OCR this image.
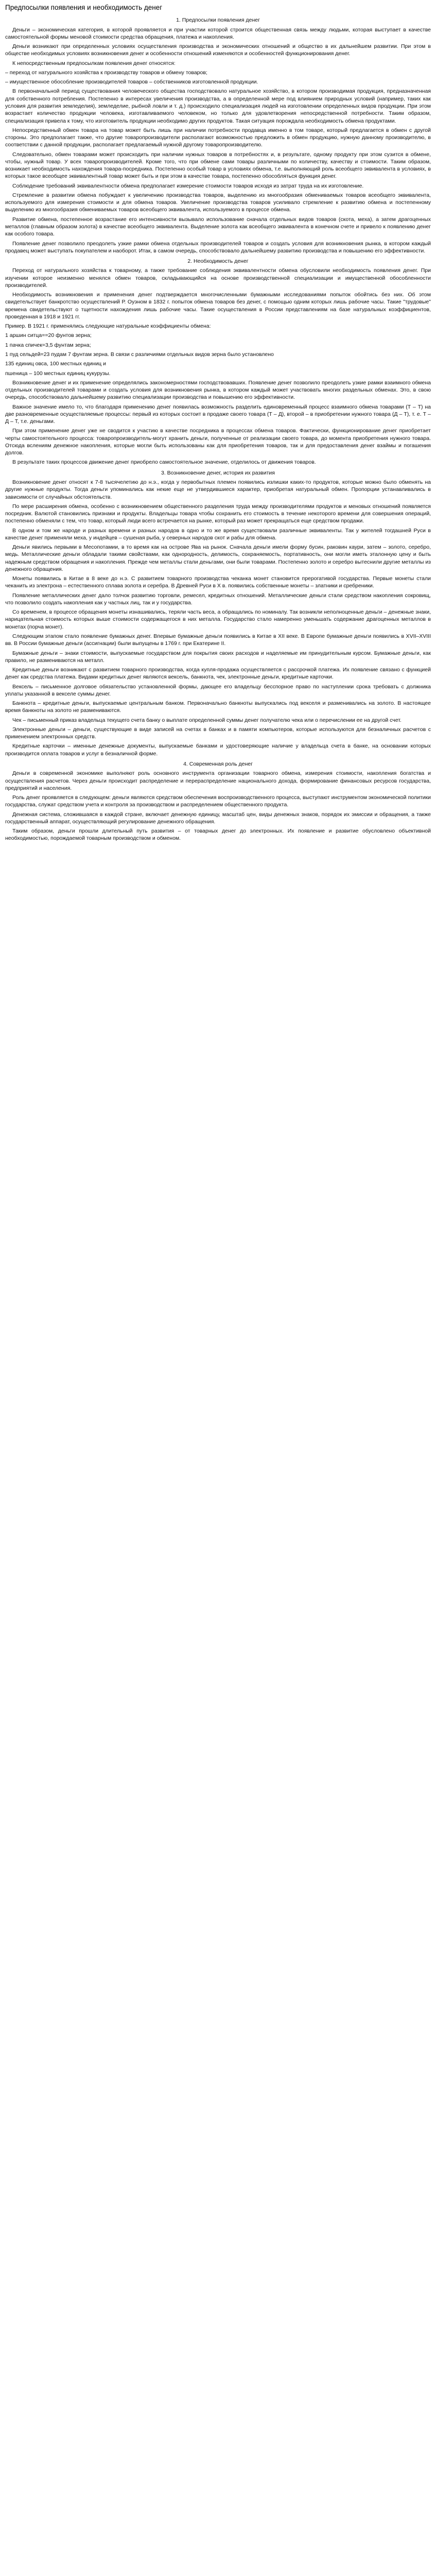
Предпосылки появления и необходимость денег
1. Предпосылки появления денег
Деньги – экономическая категория, в которой проявляется и при участии которой строится общественная связь между людьми, которая выступает в качестве самостоятельной формы меновой стоимости средства обращения, платежа и накопления.
Деньги возникают при определенных условиях осуществления производства и экономических отношений и общество в их дальнейшем развитии. При этом в обществе необходимых условиях возникновения денег и особенности отношений изменяются и особенностей функционирования денег.
К непосредственным предпосылкам появления денег относятся:
– переход от натурального хозяйства к производству товаров и обмену товаров;
– имущественное обособление производителей товаров – собственников изготовленной продукции.
В первоначальной период существования человеческого общества господствовало натуральное хозяйство, в котором производимая продукция, предназначенная для собственного потребления. Постепенно в интересах увеличения производства, а в определенной мере под влиянием природных условий (например, таких как условия для развития земледелия), земледелие, рыбной ловли и т. д.) происходило специализация людей на изготовлении определенных видов продукции. При этом возрастает количество продукции человека, изготавливаемого человеком, но только для удовлетворения непосредственной потребности. Таким образом, специализация привела к тому, что изготовитель продукции необходимо других продуктов. Такая ситуация порождала необходимость обмена продуктами.
Непосредственный обмен товара на товар может быть лишь при наличии потребности продавца именно в том товаре, который предлагается в обмен с другой стороны. Это предполагает также, что другие товаропроизводители располагают возможностью предложить в обмен продукцию, нужную данному производителю, в соответствии с данной продукции, располагает предлагаемый нужной другому товаропроизводителю.
Следовательно, обмен товарами может происходить при наличии нужных товаров в потребностях и, в результате, одному продукту при этом сузится в обмене, чтобы, нужный товар. У всех товаропроизводителей. Кроме того, что при обмене сами товары различными по количеству, качеству и стоимости. Таким образом, возникает необходимость нахождения товара-посредника. Постепенно особый товар в условиях обмена, т.е. выполняющий роль всеобщего эквивалента в условиях, в которых такое всеобщее эквивалентный товар может быть и при этом в качестве товара, постепенно обособляться функция денег.
Соблюдение требований эквивалентности обмена предполагает измерение стоимости товаров исходя из затрат труда на их изготовление.
Стремление в развитии обмена побуждает к увеличению производства товаров, выделению из многообразия обмениваемых товаров всеобщего эквивалента, используемого для измерения стоимости и для обмена товаров. Увеличение производства товаров усиливало стремление к развитию обмена и постепенному выделению из многообразия обмениваемых товаров всеобщего эквивалента, используемого в процессе обмена.
Развитие обмена, постепенное возрастание его интенсивности вызывало использование сначала отдельных видов товаров (скота, меха), а затем драгоценных металлов (главным образом золота) в качестве всеобщего эквивалента. Выделение золота как всеобщего эквивалента в конечном счете и привело к появлению денег как особого товара.
Появление денег позволило преодолеть узкие рамки обмена отдельных производителей товаров и создать условия для возникновения рынка, в котором каждый продавец может выступать покупателем и наоборот. Итак, в самом очередь, способствовало дальнейшему развитию производства и повышению его эффективности.
2. Необходимость денег
Переход от натурального хозяйства к товарному, а также требование соблюдения эквивалентности обмена обусловили необходимость появления денег. При изучении которое неизменно менялся обмен товаров, складывающийся на основе производственной специализации и имущественной обособленности производителей.
Необходимость возникновения и применения денег подтверждается многочисленными бумажными исследованиями попыток обойтись без них. Об этом свидетельствует банкротство осуществлений Р. Оуэном в 1832 г. попыток обмена товаров без денег, с помощью одним которых лишь рабочие часы. Такие "трудовые" времена свидетельствуют о тщетности нахождения лишь рабочие часы. Такие осуществления в России представлениям на базе натуральных коэффициентов, проведенная в 1918 и 1921 гг.
Пример. В 1921 г. применялись следующие натуральные коэффициенты обмена:
1 аршин ситца==20 фунтов зерна;
1 пачка спичек=3,5 фунтам зерна;
1 пуд сельдей=23 пудам 7 фунтам зерна. В связи с различиями отдельных видов зерна было установлено
135 единиц овса, 100 местных единиц и
пшеница – 100 местных единиц кукурузы.
Возникновение денег и их применение определялись закономерностями господствовавших. Появление денег позволило преодолеть узкие рамки взаимного обмена отдельных производителей товарами и создать условия для возникновения рынка, в котором каждый может участвовать многих раздельных обменах. Это, в свою очередь, способствовало дальнейшему развитию специализации производства и повышению его эффективности.
Важное значение имело то, что благодаря применению денег появилась возможность разделить единовременный процесс взаимного обмена товарами (Т – Т) на две разновременные осуществляемые процессы: первый из которых состоит в продаже своего товара (Т – Д), второй – в приобретении нужного товара (Д – Т), т. е. Т – Д – Т, т.е. деньгами.
При этом применение денег уже не сводится к участию в качестве посредника в процессах обмена товаров. Фактически, функционирование денег приобретает черты самостоятельного процесса: товаропроизводитель-могут хранить деньги, полученные от реализации своего товара, до момента приобретения нужного товара. Отсюда вслениям денежное накопления, которые могли быть использованы как для приобретения товаров, так и для предоставления денег взаймы и погашения долгов.
В результате таких процессов движение денег приобрело самостоятельное значение, отделилось от движения товаров.
3. Возникновение денег, история их развития
Возникновение денег относят к 7-8 тысячелетию до н.э., когда у первобытных племен появились излишки каких-то продуктов, которые можно было обменять на другие нужные продукты. Тогда деньги упоминались как некие еще не утвердившиеся характер, приобретая натуральный обмен. Пропорции устанавливались в зависимости от случайных обстоятельств.
По мере расширения обмена, особенно с возникновением общественного разделения труда между производителями продуктов и меновых отношений появляется посредник. Валютой становились признаки и продукты. Владельцы товара чтобы сохранить его стоимость в течение некоторого времени для совершения операций, постепенно обменяли с тем, что товар, который люди всего встречается на рынке, который раз может прекращаться еще средством продажи.
В одном и том же народе и разных времени и разных народов в одно и то же время существовали различные эквиваленты. Так у жителей тогдашней Руси в качестве денег применяли меха, у индейцев – сушеная рыба, у северных народов скот и рабы для обмена.
Деньги явились первыми в Месопотамии, в то время как на острове Ява на рынок. Сначала деньги имели форму бусин, раковин каури, затем – золото, серебро, медь. Металлические деньги обладали такими свойствами, как однородность, делимость, сохраняемость, портативность, они могли иметь эталонную цену и быть надежным средством обращения и накопления. Прежде чем металлы стали деньгами, они были товарами. Постепенно золото и серебро вытеснили другие металлы из денежного обращения.
Монеты появились в Китае в 8 веке до н.э. С развитием товарного производства чеканка монет становится прерогативой государства. Первые монеты стали чеканить из электрона – естественного сплава золота и серебра. В Древней Руси в X в. появились собственные монеты – златники и сребреники.
Появление металлических денег дало толчок развитию торговли, ремесел, кредитных отношений. Металлические деньги стали средством накопления сокровищ, что позволило создать накопления как у частных лиц, так и у государства.
Со временем, в процессе обращения монеты изнашивались, теряли часть веса, а обращались по номиналу. Так возникли неполноценные деньги – денежные знаки, нарицательная стоимость которых выше стоимости содержащегося в них металла. Государство стало намеренно уменьшать содержание драгоценных металлов в монетах (порча монет).
Следующим этапом стало появление бумажных денег. Впервые бумажные деньги появились в Китае в XII веке. В Европе бумажные деньги появились в XVII–XVIII вв. В России бумажные деньги (ассигнации) были выпущены в 1769 г. при Екатерине II.
Бумажные деньги – знаки стоимости, выпускаемые государством для покрытия своих расходов и наделяемые им принудительным курсом. Бумажные деньги, как правило, не размениваются на металл.
Кредитные деньги возникают с развитием товарного производства, когда купля-продажа осуществляется с рассрочкой платежа. Их появление связано с функцией денег как средства платежа. Видами кредитных денег являются вексель, банкнота, чек, электронные деньги, кредитные карточки.
Вексель – письменное долговое обязательство установленной формы, дающее его владельцу бесспорное право по наступлении срока требовать с должника уплаты указанной в векселе суммы денег.
Банкнота – кредитные деньги, выпускаемые центральным банком. Первоначально банкноты выпускались под векселя и разменивались на золото. В настоящее время банкноты на золото не размениваются.
Чек – письменный приказ владельца текущего счета банку о выплате определенной суммы денег получателю чека или о перечислении ее на другой счет.
Электронные деньги – деньги, существующие в виде записей на счетах в банках и в памяти компьютеров, которые используются для безналичных расчетов с применением электронных средств.
Кредитные карточки – именные денежные документы, выпускаемые банками и удостоверяющие наличие у владельца счета в банке, на основании которых производится оплата товаров и услуг в безналичной форме.
4. Современная роль денег
Деньги в современной экономике выполняют роль основного инструмента организации товарного обмена, измерения стоимости, накопления богатства и осуществления расчетов. Через деньги происходит распределение и перераспределение национального дохода, формирование финансовых ресурсов государства, предприятий и населения.
Роль денег проявляется в следующем: деньги являются средством обеспечения воспроизводственного процесса, выступают инструментом экономической политики государства, служат средством учета и контроля за производством и распределением общественного продукта.
Денежная система, сложившаяся в каждой стране, включает денежную единицу, масштаб цен, виды денежных знаков, порядок их эмиссии и обращения, а также государственный аппарат, осуществляющий регулирование денежного обращения.
Таким образом, деньги прошли длительный путь развития – от товарных денег до электронных. Их появление и развитие обусловлено объективной необходимостью, порождаемой товарным производством и обменом.
